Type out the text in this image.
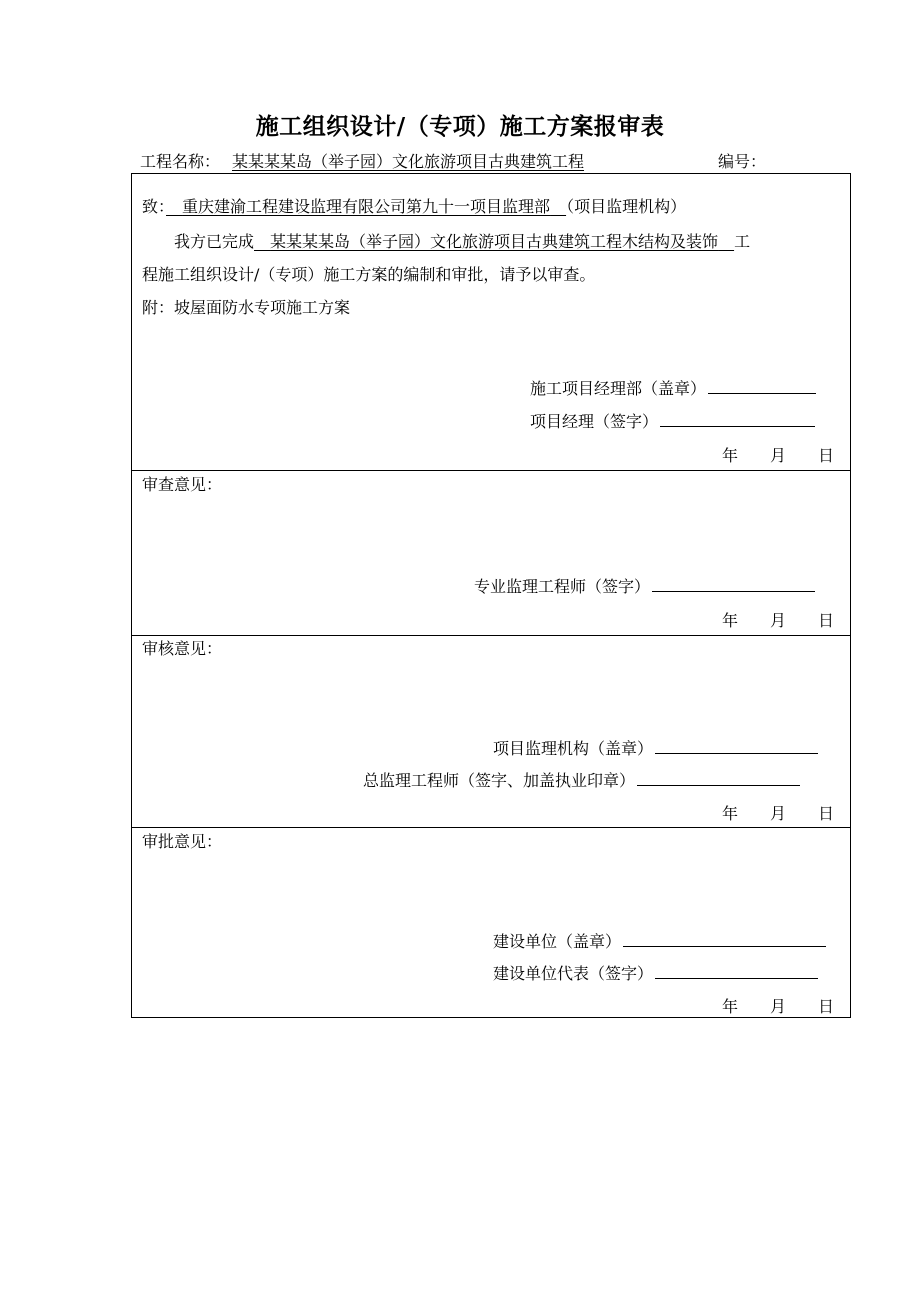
施工组织设计/（专项）施工方案报审表
工程名称： 某某某某岛（举子园）文化旅游项目古典建筑工程	编号：
致：　 重庆建渝工程建设监理有限公司第九十一项目监理部　 （项目监理机构）
我方已完成　 某某某某岛（举子园）文化旅游项目古典建筑工程木结构及装饰　 工
程施工组织设计/（专项）施工方案的编制和审批，请予以审查。
附：坡屋面防水专项施工方案
施工项目经理部（盖章）
项目经理（签字）
年　　月　　日
审查意见：
专业监理工程师（签字）
年　　月　　日
审核意见：
项目监理机构（盖章）
总监理工程师（签字、加盖执业印章）
年　　月　　日
审批意见：
建设单位（盖章）
建设单位代表（签字）
年　　月　　日
